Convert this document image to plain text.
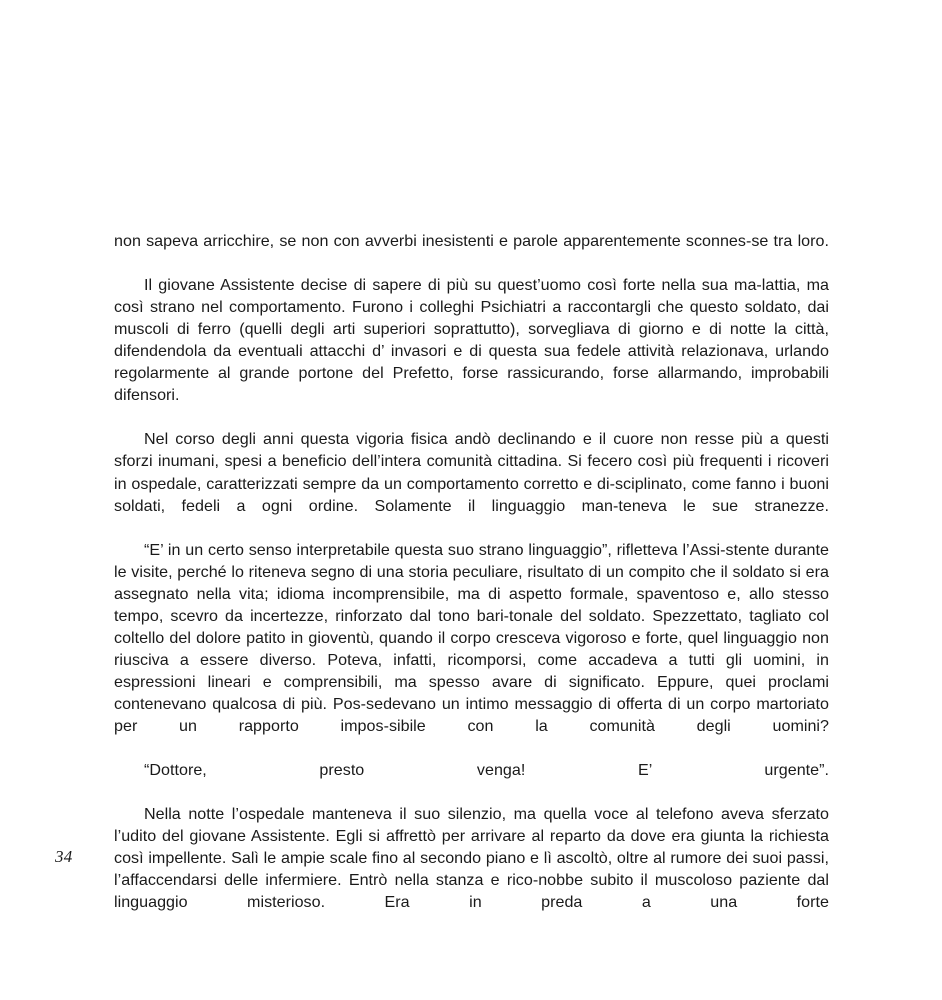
34

non sapeva arricchire, se non con avverbi inesistenti e parole apparentemente sconnes-se tra loro.

Il giovane Assistente decise di sapere di più su quest’uomo così forte nella sua ma-lattia, ma così strano nel comportamento. Furono i colleghi Psichiatri a raccontargli che questo soldato, dai muscoli di ferro (quelli degli arti superiori soprattutto), sorvegliava di giorno e di notte la città, difendendola da eventuali attacchi d’ invasori e di questa sua fedele attività relazionava, urlando regolarmente al grande portone del Prefetto, forse rassicurando, forse allarmando, improbabili difensori.

Nel corso degli anni questa vigoria fisica andò declinando e il cuore non resse più a questi sforzi inumani, spesi a beneficio dell’intera comunità cittadina. Si fecero così più frequenti i ricoveri in ospedale, caratterizzati sempre da un comportamento corretto e di-sciplinato, come fanno i buoni soldati, fedeli a ogni ordine. Solamente il linguaggio man-teneva le sue stranezze.

“E’ in un certo senso interpretabile questa suo strano linguaggio”, rifletteva l’Assi-stente durante le visite, perché lo riteneva segno di una storia peculiare, risultato di un compito che il soldato si era assegnato nella vita; idioma incomprensibile, ma di aspetto formale, spaventoso e, allo stesso tempo, scevro da incertezze, rinforzato dal tono bari-tonale del soldato. Spezzettato, tagliato col coltello del dolore patito in gioventù, quando il corpo cresceva vigoroso e forte, quel linguaggio non riusciva a essere diverso. Poteva, infatti, ricomporsi, come accadeva a tutti gli uomini, in espressioni lineari e comprensibili, ma spesso avare di significato. Eppure, quei proclami contenevano qualcosa di più. Pos-sedevano un intimo messaggio di offerta di un corpo martoriato per un rapporto impos-sibile con la comunità degli uomini?

“Dottore, presto venga! E’ urgente”.

Nella notte l’ospedale manteneva il suo silenzio, ma quella voce al telefono aveva sferzato l’udito del giovane Assistente. Egli si affrettò per arrivare al reparto da dove era giunta la richiesta così impellente. Salì le ampie scale fino al secondo piano e lì ascoltò, oltre al rumore dei suoi passi, l’affaccendarsi delle infermiere. Entrò nella stanza e rico-nobbe subito il muscoloso paziente dal linguaggio misterioso. Era in preda a una forte
